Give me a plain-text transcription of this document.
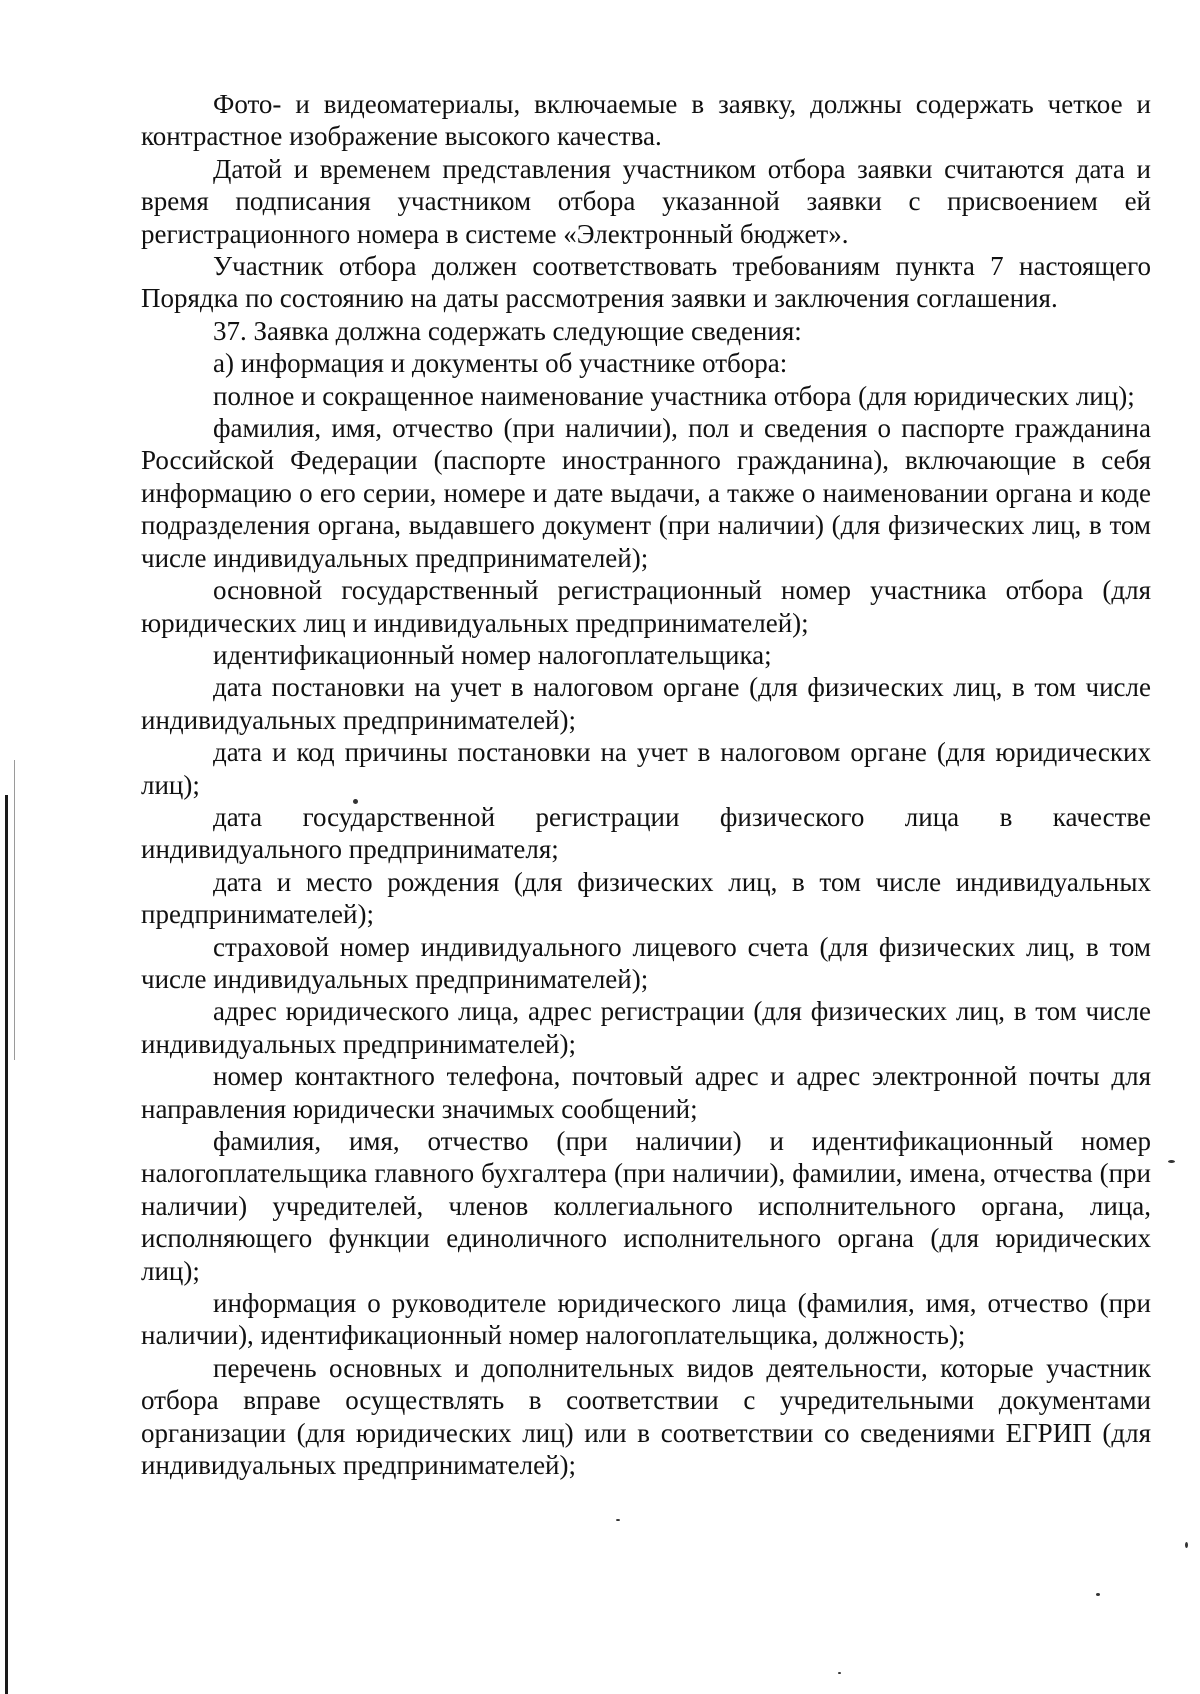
Фото- и видеоматериалы, включаемые в заявку, должны содержать четкое и контрастное изображение высокого качества.

Датой и временем представления участником отбора заявки считаются дата и время подписания участником отбора указанной заявки с присвоением ей регистрационного номера в системе «Электронный бюджет».

Участник отбора должен соответствовать требованиям пункта 7 настоящего Порядка по состоянию на даты рассмотрения заявки и заключения соглашения.

37. Заявка должна содержать следующие сведения:

а) информация и документы об участнике отбора:

полное и сокращенное наименование участника отбора (для юридических лиц);

фамилия, имя, отчество (при наличии), пол и сведения о паспорте гражданина Российской Федерации (паспорте иностранного гражданина), включающие в себя информацию о его серии, номере и дате выдачи, а также о наименовании органа и коде подразделения органа, выдавшего документ (при наличии) (для физических лиц, в том числе индивидуальных предпринимателей);

основной государственный регистрационный номер участника отбора (для юридических лиц и индивидуальных предпринимателей);

идентификационный номер налогоплательщика;

дата постановки на учет в налоговом органе (для физических лиц, в том числе индивидуальных предпринимателей);

дата и код причины постановки на учет в налоговом органе (для юридических лиц);

дата государственной регистрации физического лица в качестве индивидуального предпринимателя;

дата и место рождения (для физических лиц, в том числе индивидуальных предпринимателей);

страховой номер индивидуального лицевого счета (для физических лиц, в том числе индивидуальных предпринимателей);

адрес юридического лица, адрес регистрации (для физических лиц, в том числе индивидуальных предпринимателей);

номер контактного телефона, почтовый адрес и адрес электронной почты для направления юридически значимых сообщений;

фамилия, имя, отчество (при наличии) и идентификационный номер налогоплательщика главного бухгалтера (при наличии), фамилии, имена, отчества (при наличии) учредителей, членов коллегиального исполнительного органа, лица, исполняющего функции единоличного исполнительного органа (для юридических лиц);

информация о руководителе юридического лица (фамилия, имя, отчество (при наличии), идентификационный номер налогоплательщика, должность);

перечень основных и дополнительных видов деятельности, которые участник отбора вправе осуществлять в соответствии с учредительными документами организации (для юридических лиц) или в соответствии со сведениями ЕГРИП (для индивидуальных предпринимателей);
